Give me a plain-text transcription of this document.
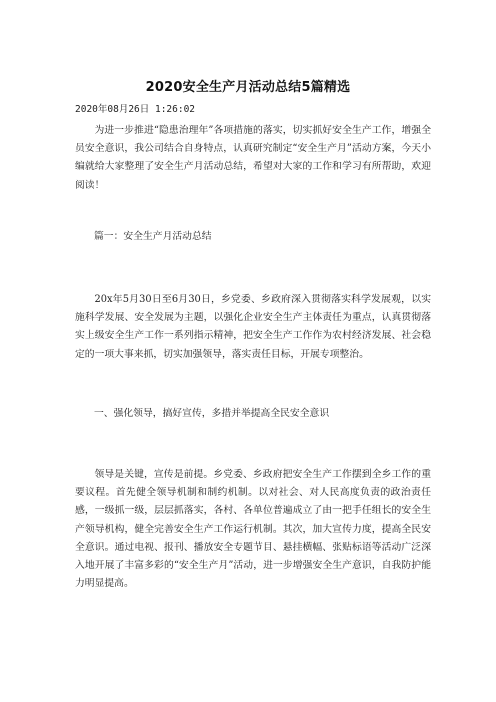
2020安全生产月活动总结5篇精选
2020年08月26日 1:26:02

为进一步推进“隐患治理年”各项措施的落实，切实抓好安全生产工作，增强全员安全意识，我公司结合自身特点，认真研究制定“安全生产月”活动方案，今天小编就给大家整理了安全生产月活动总结，希望对大家的工作和学习有所帮助，欢迎阅读！

篇一：安全生产月活动总结

20x年5月30日至6月30日，乡党委、乡政府深入贯彻落实科学发展观，以实施科学发展、安全发展为主题，以强化企业安全生产主体责任为重点，认真贯彻落实上级安全生产工作一系列指示精神，把安全生产工作作为农村经济发展、社会稳定的一项大事来抓，切实加强领导，落实责任目标，开展专项整治。

一、强化领导，搞好宣传，多措并举提高全民安全意识

领导是关键，宣传是前提。乡党委、乡政府把安全生产工作摆到全乡工作的重要议程。首先健全领导机制和制约机制。以对社会、对人民高度负责的政治责任感，一级抓一级，层层抓落实，各村、各单位普遍成立了由一把手任组长的安全生产领导机构，健全完善安全生产工作运行机制。其次，加大宣传力度，提高全民安全意识。通过电视、报刊、播放安全专题节目、悬挂横幅、张贴标语等活动广泛深入地开展了丰富多彩的“安全生产月”活动，进一步增强安全生产意识，自我防护能力明显提高。
